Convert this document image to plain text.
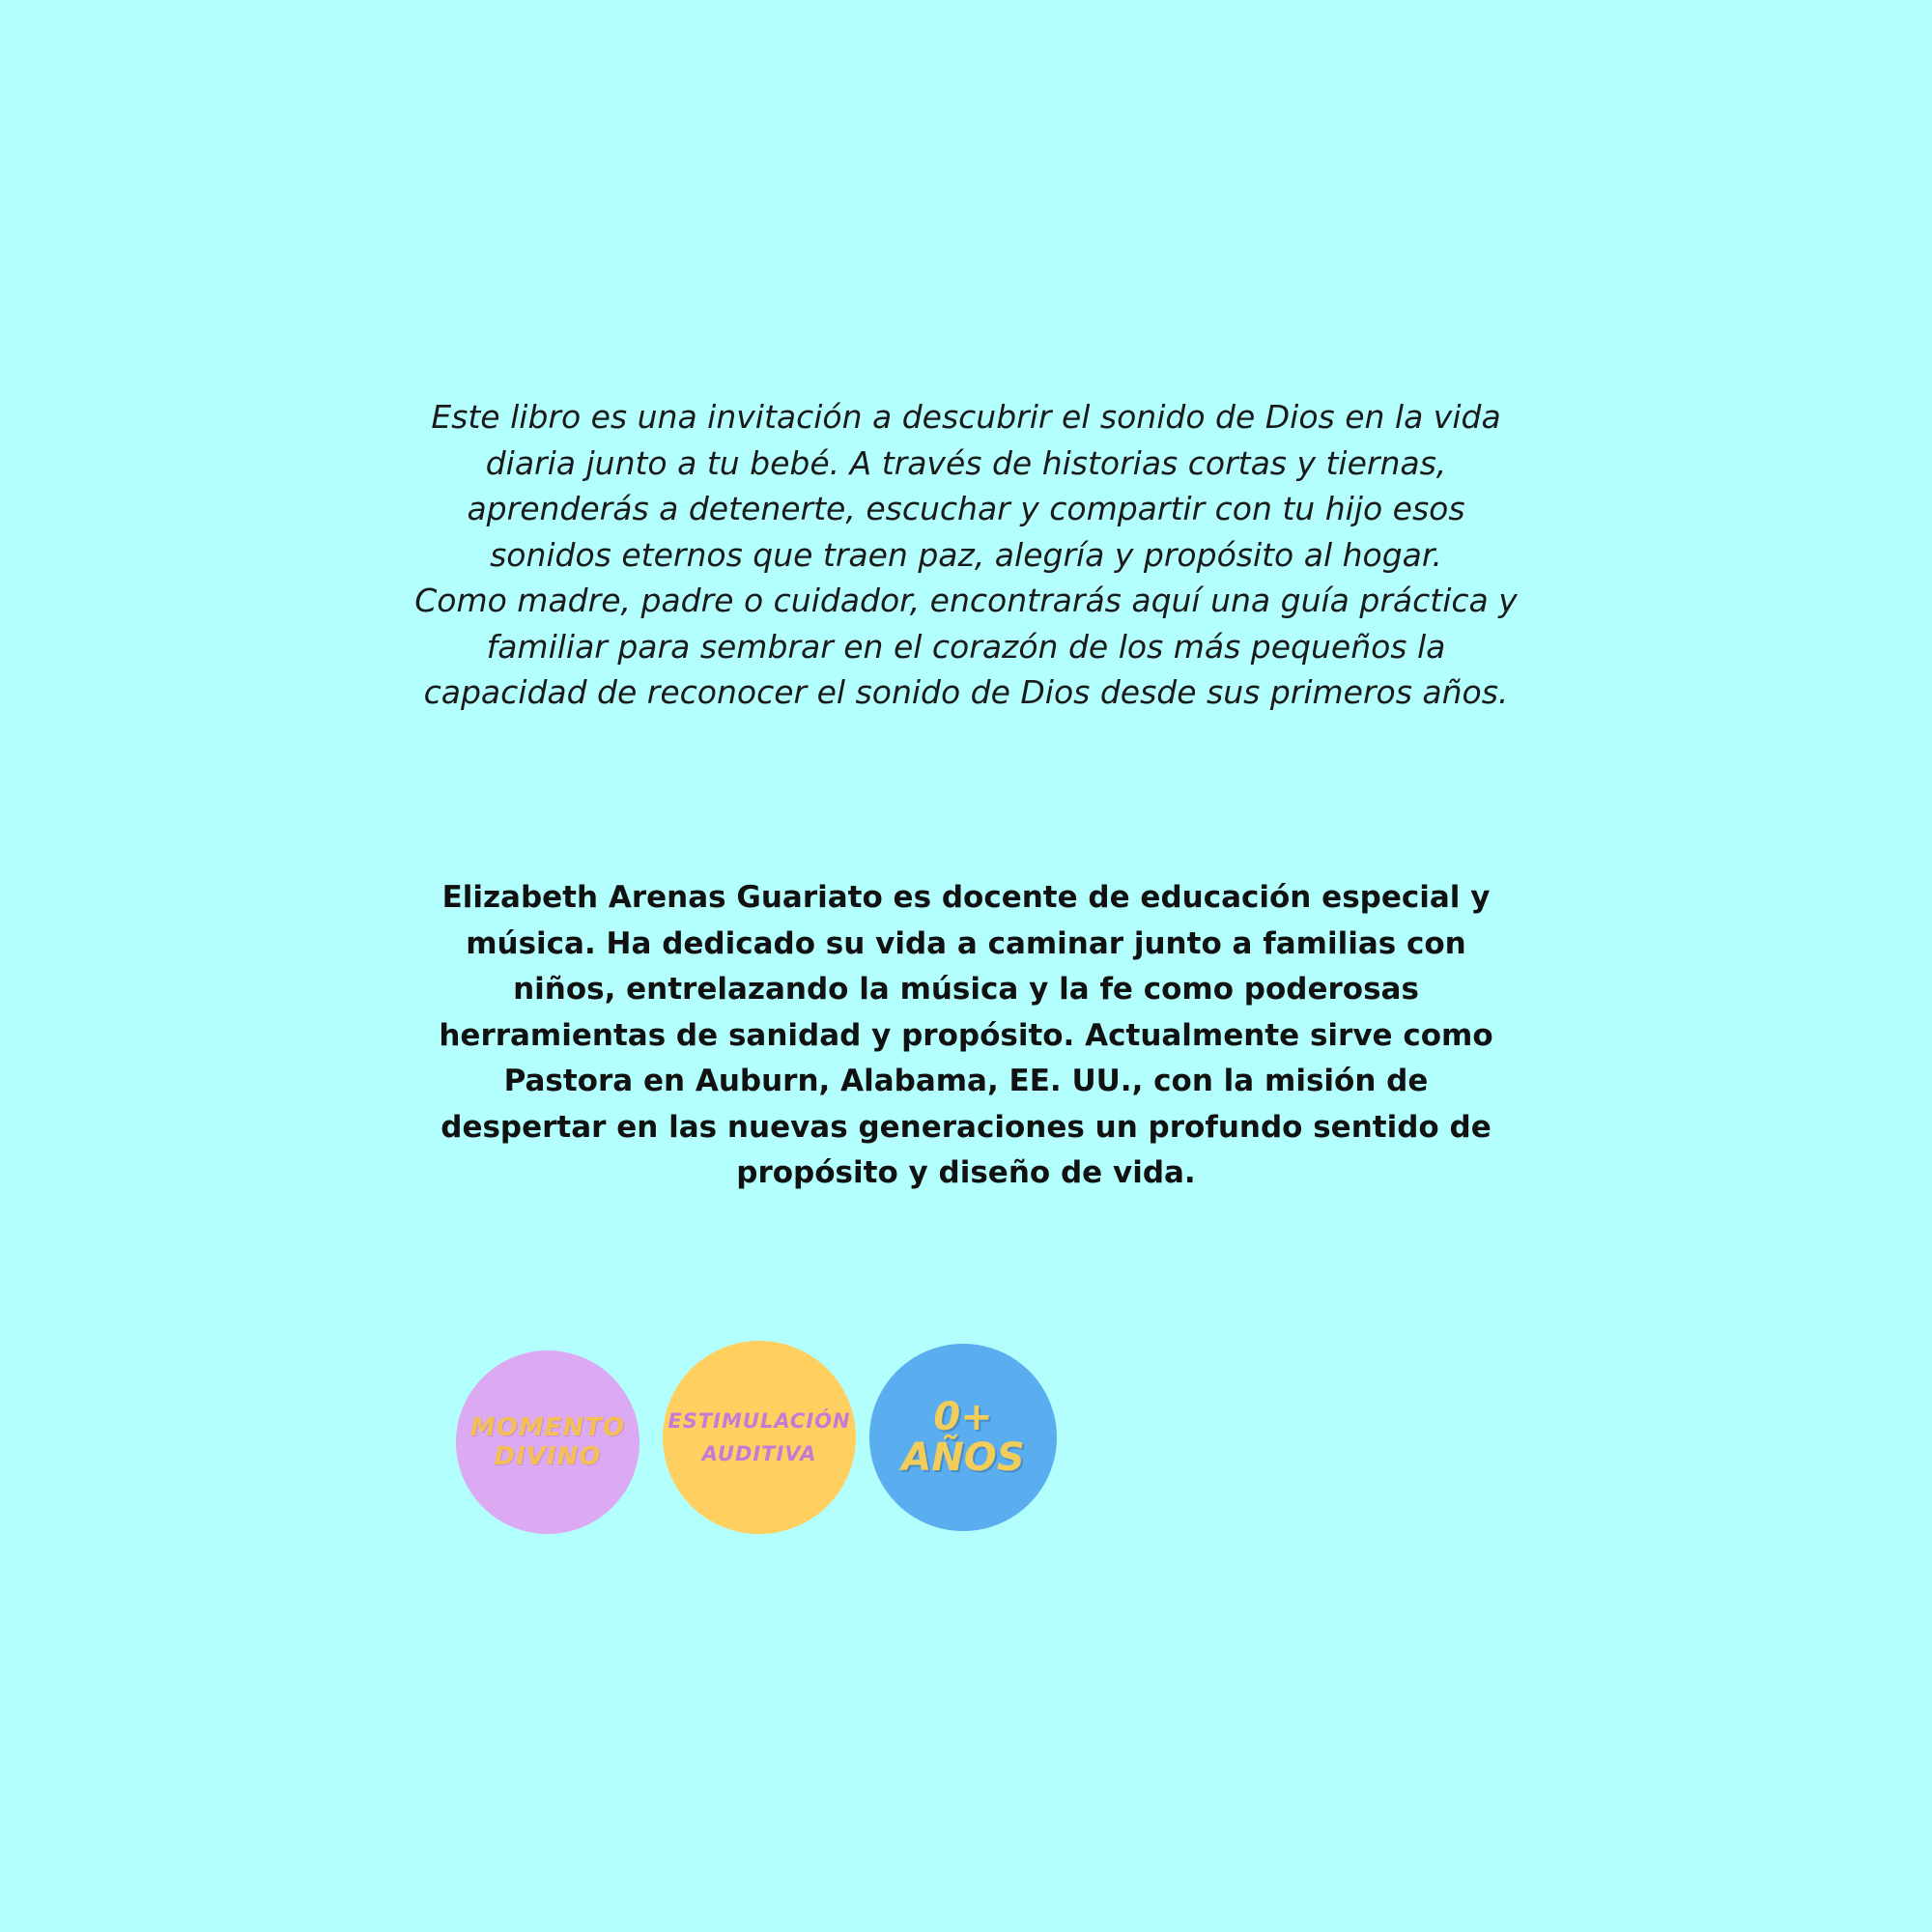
Este libro es una invitación a descubrir el sonido de Dios en la vida
diaria junto a tu bebé. A través de historias cortas y tiernas,
aprenderás a detenerte, escuchar y compartir con tu hijo esos
sonidos eternos que traen paz, alegría y propósito al hogar.
Como madre, padre o cuidador, encontrarás aquí una guía práctica y
familiar para sembrar en el corazón de los más pequeños la
capacidad de reconocer el sonido de Dios desde sus primeros años.
Elizabeth Arenas Guariato es docente de educación especial y
música. Ha dedicado su vida a caminar junto a familias con
niños, entrelazando la música y la fe como poderosas
herramientas de sanidad y propósito. Actualmente sirve como
Pastora en Auburn, Alabama, EE. UU., con la misión de
despertar en las nuevas generaciones un profundo sentido de
propósito y diseño de vida.
MOMENTO
DIVINO
ESTIMULACIÓN
AUDITIVA
0+
AÑOS
